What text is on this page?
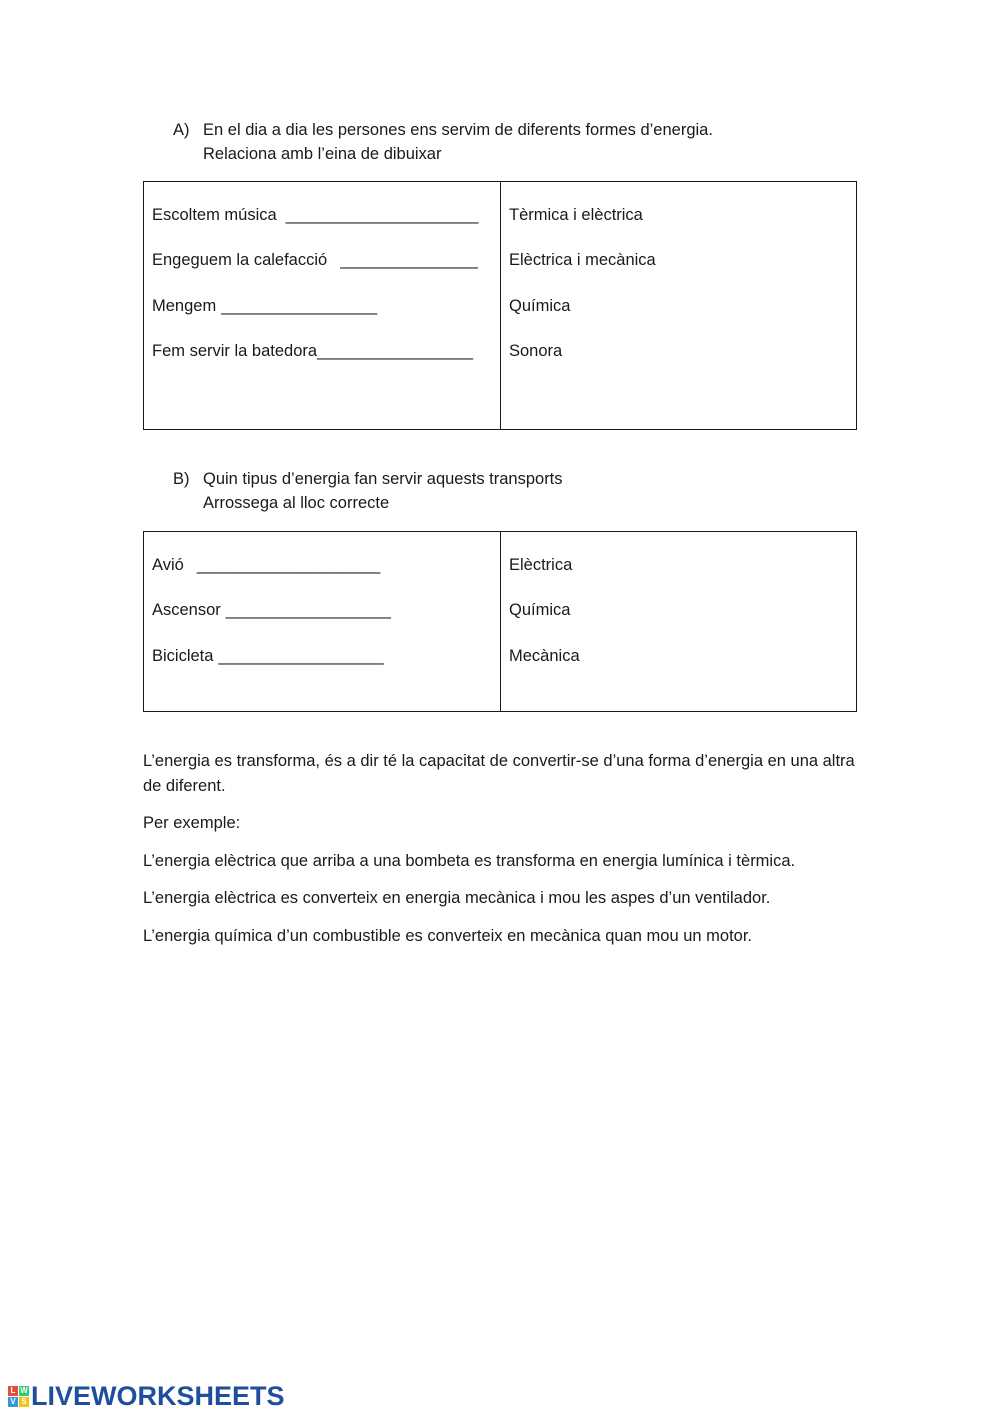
A) En el dia a dia les persones ens servim de diferents formes d’energia.
Relaciona amb l’eina de dibuixar
Escoltem música _____________________
Engeguem la calefacció _______________
Mengem _________________
Fem servir la batedora_________________

Tèrmica i elèctrica
Elèctrica i mecànica
Química
Sonora
B) Quin tipus d’energia fan servir aquests transports
Arrossega al lloc correcte
Avió ____________________
Ascensor __________________
Bicicleta __________________

Elèctrica
Química
Mecànica

L’energia es transforma, és a dir té la capacitat de convertir-se d’una forma d’energia en una altra de diferent.

Per exemple:

L’energia elèctrica que arriba a una bombeta es transforma en energia lumínica i tèrmica.

L’energia elèctrica es converteix en energia mecànica i mou les aspes d’un ventilador.

L’energia química d’un combustible es converteix en mecànica quan mou un motor.

L W
V S LIVEWORKSHEETS
